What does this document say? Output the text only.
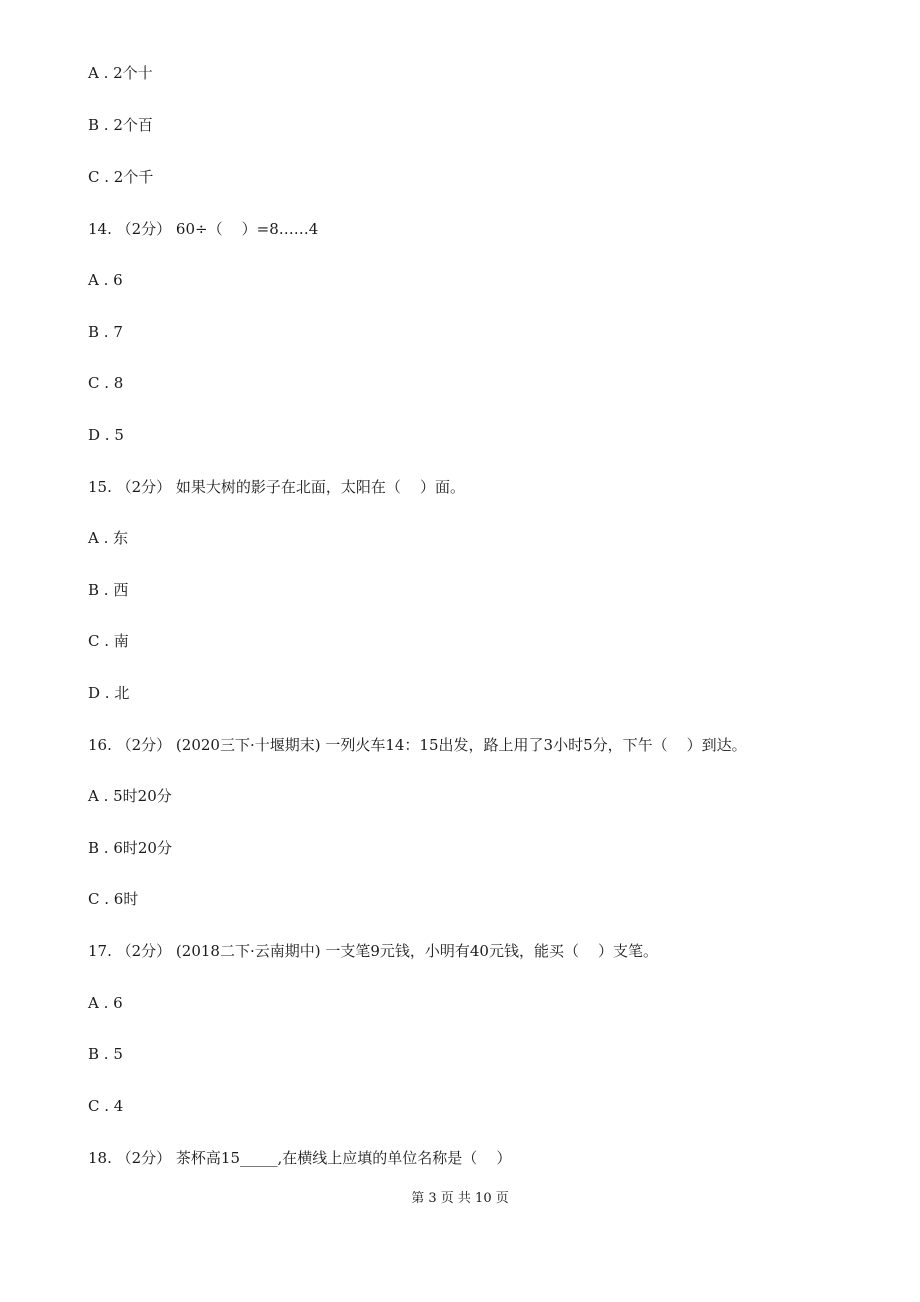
A . 2个十
B . 2个百
C . 2个千
14. （2分） 60÷（    ）=8……4
A . 6
B . 7
C . 8
D . 5
15. （2分） 如果大树的影子在北面，太阳在（    ）面。
A . 东
B . 西
C . 南
D . 北
16. （2分） (2020三下·十堰期末) 一列火车14：15出发，路上用了3小时5分，下午（    ）到达。
A . 5时20分
B . 6时20分
C . 6时
17. （2分） (2018二下·云南期中) 一支笔9元钱，小明有40元钱，能买（    ）支笔。
A . 6
B . 5
C . 4
18. （2分） 茶杯高15_____,在横线上应填的单位名称是（    ）
第 3 页 共 10 页
